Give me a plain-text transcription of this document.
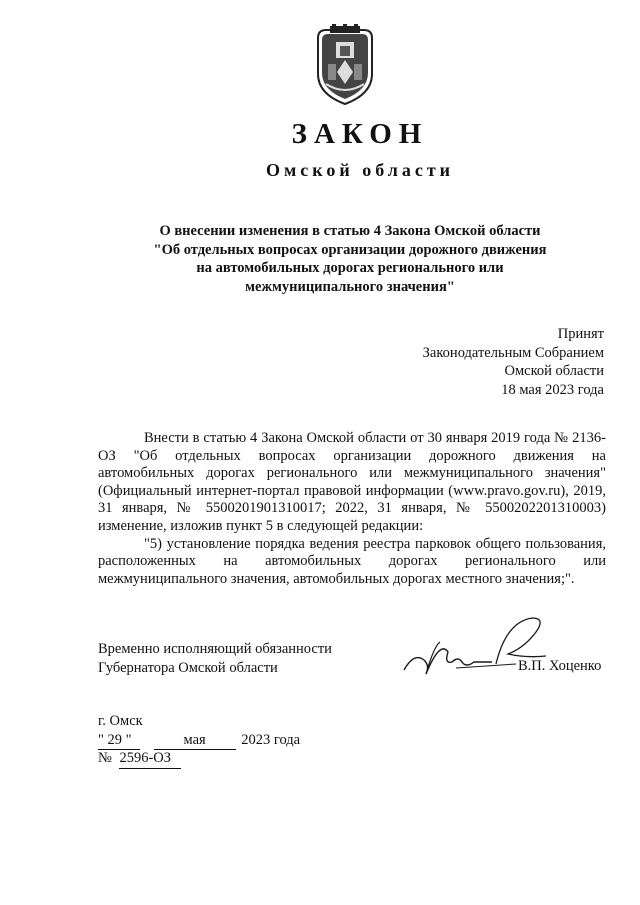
ЗАКОН
Омской области
О внесении изменения в статью 4 Закона Омской области
"Об отдельных вопросах организации дорожного движения
на автомобильных дорогах регионального или
межмуниципального значения"
Принят
Законодательным Собранием
Омской области
18 мая 2023 года

Внести в статью 4 Закона Омской области от 30 января 2019 года № 2136-ОЗ "Об отдельных вопросах организации дорожного движения на автомобильных дорогах регионального или межмуниципального значения" (Официальный интернет-портал правовой информации (www.pravo.gov.ru), 2019, 31 января, № 5500201901310017; 2022, 31 января, № 5500202201310003) изменение, изложив пункт 5 в следующей редакции:

"5) установление порядка ведения реестра парковок общего пользования, расположенных на автомобильных дорогах регионального или межмуниципального значения, автомобильных дорогах местного значения;".

Временно исполняющий обязанности
Губернатора Омской области	В.П. Хоценко
г. Омск
" 29 "	мая 2023 года
№ 2596-ОЗ
